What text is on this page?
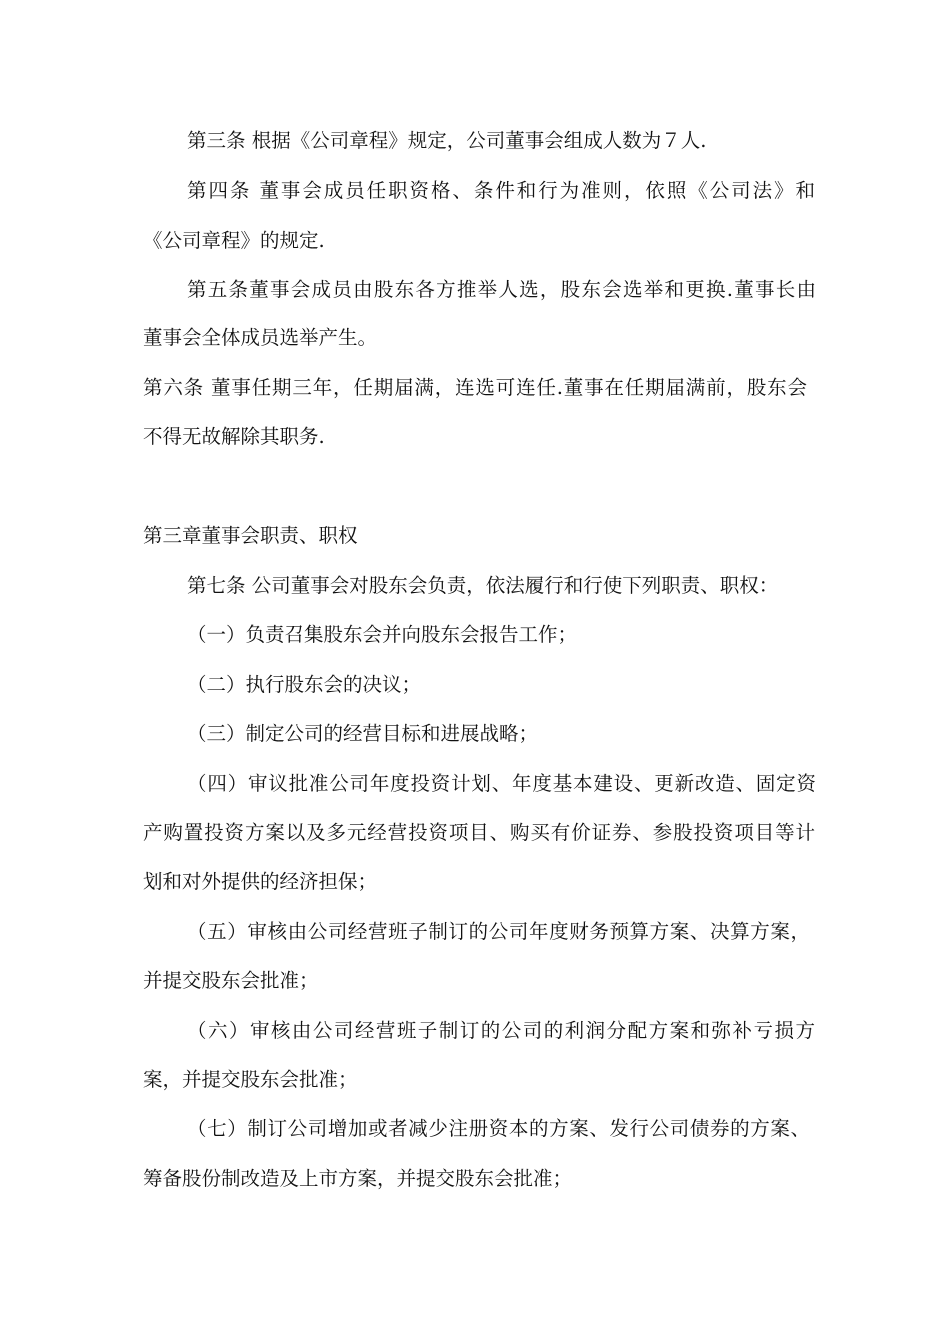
第三条 根据《公司章程》规定，公司董事会组成人数为７人.
第四条 董事会成员任职资格、条件和行为准则，依照《公司法》和
《公司章程》的规定.
第五条董事会成员由股东各方推举人选，股东会选举和更换.董事长由
董事会全体成员选举产生。
第六条 董事任期三年，任期届满，连选可连任.董事在任期届满前，股东会
不得无故解除其职务.
第三章董事会职责、职权
第七条 公司董事会对股东会负责，依法履行和行使下列职责、职权：
（一）负责召集股东会并向股东会报告工作；
（二）执行股东会的决议；
（三）制定公司的经营目标和进展战略；
（四）审议批准公司年度投资计划、年度基本建设、更新改造、固定资
产购置投资方案以及多元经营投资项目、购买有价证券、参股投资项目等计
划和对外提供的经济担保；
（五）审核由公司经营班子制订的公司年度财务预算方案、决算方案，
并提交股东会批准；
（六）审核由公司经营班子制订的公司的利润分配方案和弥补亏损方
案，并提交股东会批准；
（七）制订公司增加或者减少注册资本的方案、发行公司债券的方案、
筹备股份制改造及上市方案，并提交股东会批准；
